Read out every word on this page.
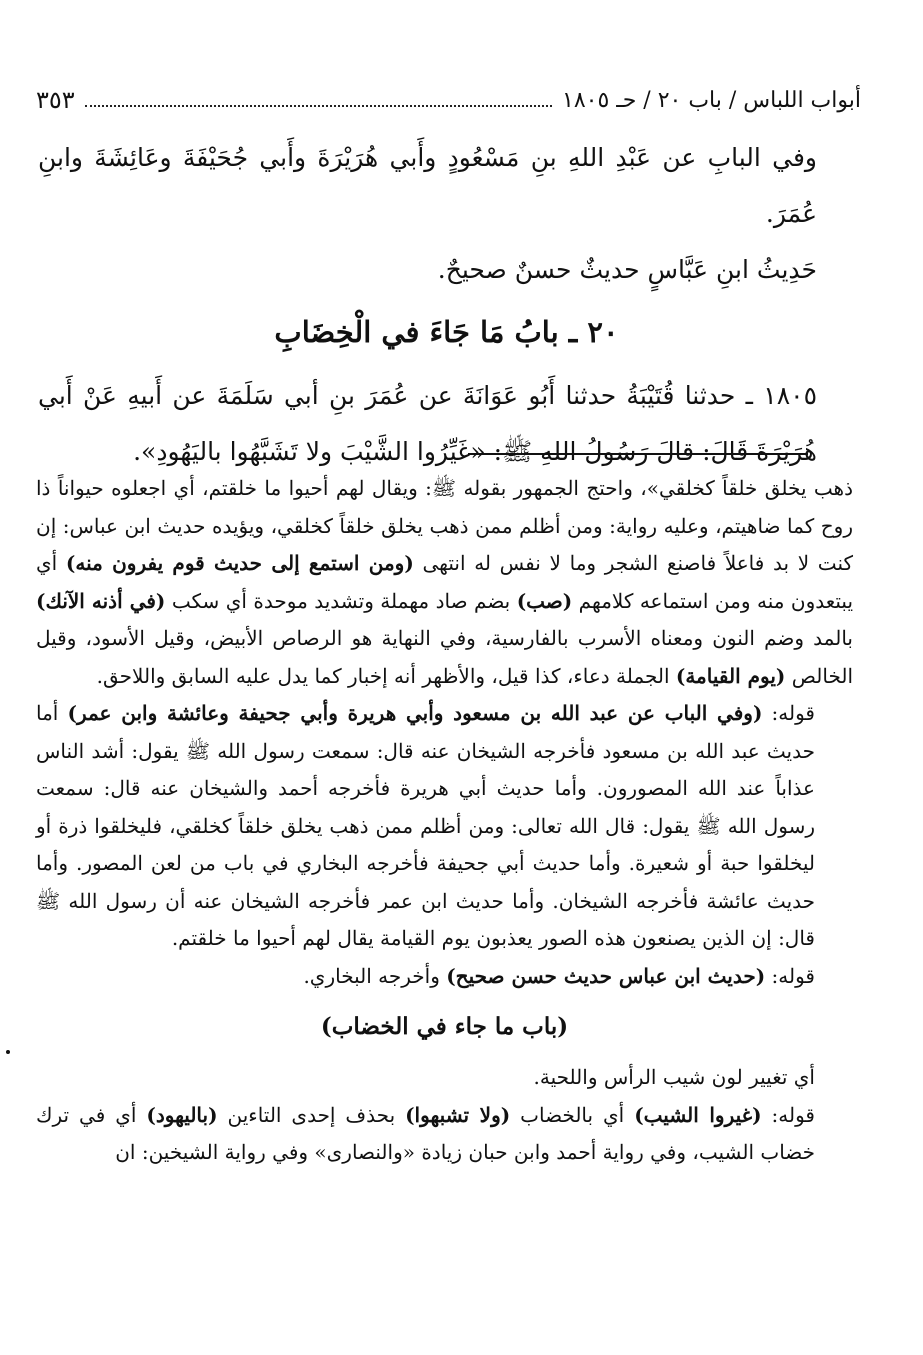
أبواب اللباس / باب ٢٠ / حـ ١٨٠٥
٣٥٣

وفي البابِ عن عَبْدِ اللهِ بنِ مَسْعُودٍ وأَبي هُرَيْرَةَ وأَبي جُحَيْفَةَ وعَائِشَةَ وابنِ عُمَرَ.

حَدِيثُ ابنِ عَبَّاسٍ حديثٌ حسنٌ صحيحٌ.

٢٠ ـ بابُ مَا جَاءَ في الْخِضَابِ

١٨٠٥ ـ حدثنا قُتَيْبَةُ حدثنا أَبُو عَوَانَةَ عن عُمَرَ بنِ أبي سَلَمَةَ عن أَبيهِ عَنْ أَبي هُرَيْرَةَ قَالَ: قالَ رَسُولُ اللهِ ﷺ: «غَيِّرُوا الشَّيْبَ ولا تَشَبَّهُوا باليَهُودِ».

ذهب يخلق خلقاً كخلقي»، واحتج الجمهور بقوله ﷺ: ويقال لهم أحيوا ما خلقتم، أي اجعلوه حيواناً ذا روح كما ضاهيتم، وعليه رواية: ومن أظلم ممن ذهب يخلق خلقاً كخلقي، ويؤيده حديث ابن عباس: إن كنت لا بد فاعلاً فاصنع الشجر وما لا نفس له انتهى (ومن استمع إلى حديث قوم يفرون منه) أي يبتعدون منه ومن استماعه كلامهم (صب) بضم صاد مهملة وتشديد موحدة أي سكب (في أذنه الآنك) بالمد وضم النون ومعناه الأسرب بالفارسية، وفي النهاية هو الرصاص الأبيض، وقيل الأسود، وقيل الخالص (يوم القيامة) الجملة دعاء، كذا قيل، والأظهر أنه إخبار كما يدل عليه السابق واللاحق.

قوله: (وفي الباب عن عبد الله بن مسعود وأبي هريرة وأبي جحيفة وعائشة وابن عمر) أما حديث عبد الله بن مسعود فأخرجه الشيخان عنه قال: سمعت رسول الله ﷺ يقول: أشد الناس عذاباً عند الله المصورون. وأما حديث أبي هريرة فأخرجه أحمد والشيخان عنه قال: سمعت رسول الله ﷺ يقول: قال الله تعالى: ومن أظلم ممن ذهب يخلق خلقاً كخلقي، فليخلقوا ذرة أو ليخلقوا حبة أو شعيرة. وأما حديث أبي جحيفة فأخرجه البخاري في باب من لعن المصور. وأما حديث عائشة فأخرجه الشيخان. وأما حديث ابن عمر فأخرجه الشيخان عنه أن رسول الله ﷺ قال: إن الذين يصنعون هذه الصور يعذبون يوم القيامة يقال لهم أحيوا ما خلقتم.

قوله: (حديث ابن عباس حديث حسن صحيح) وأخرجه البخاري.

(باب ما جاء في الخضاب)

أي تغيير لون شيب الرأس واللحية.

قوله: (غيروا الشيب) أي بالخضاب (ولا تشبهوا) بحذف إحدى التاءين (باليهود) أي في ترك خضاب الشيب، وفي رواية أحمد وابن حبان زيادة «والنصارى» وفي رواية الشيخين: ان
